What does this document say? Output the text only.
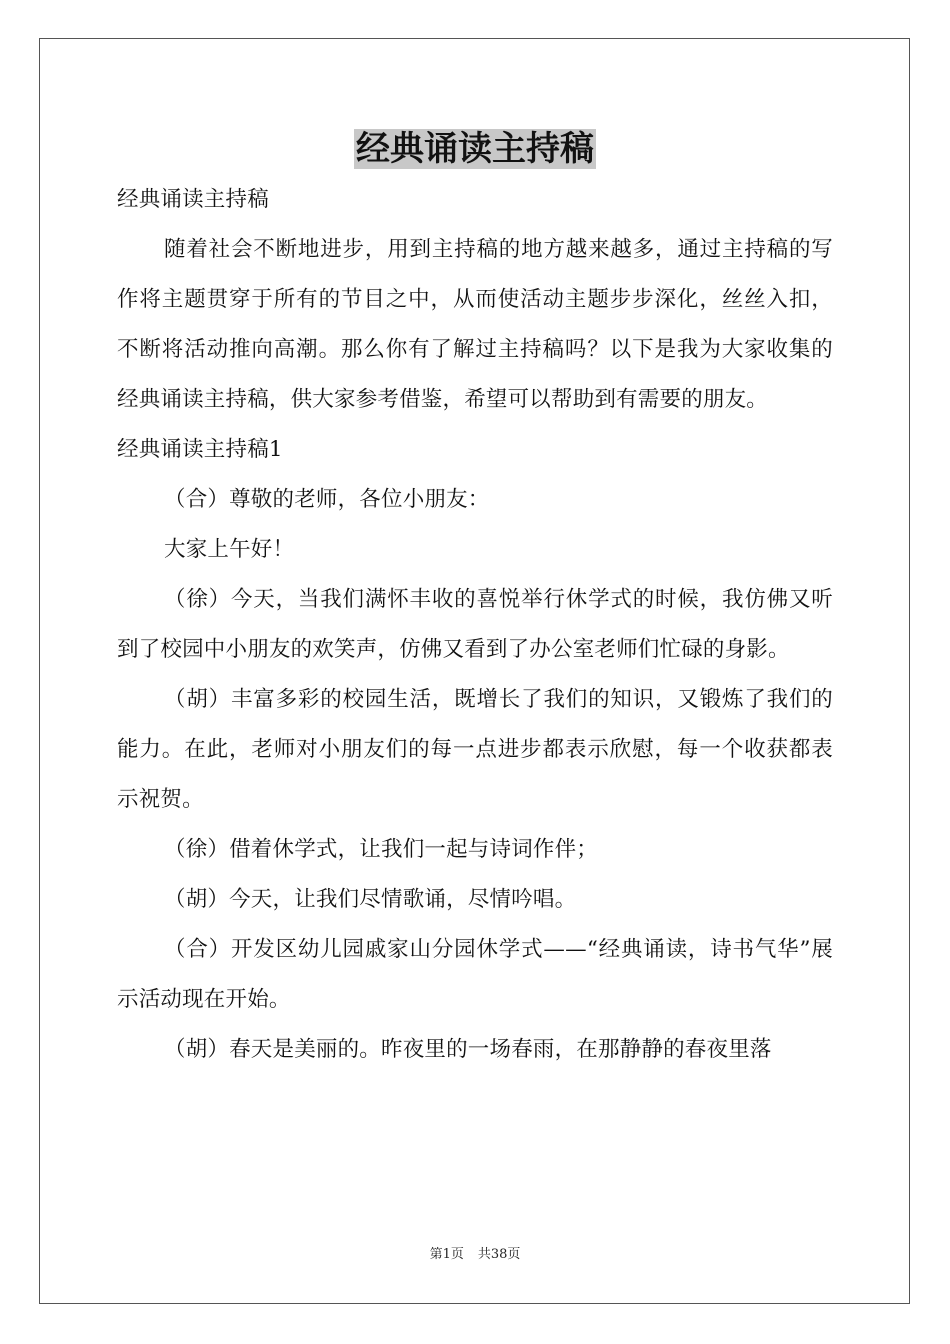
经典诵读主持稿

经典诵读主持稿

随着社会不断地进步，用到主持稿的地方越来越多，通过主持稿的写作将主题贯穿于所有的节目之中，从而使活动主题步步深化，丝丝入扣，不断将活动推向高潮。那么你有了解过主持稿吗？以下是我为大家收集的经典诵读主持稿，供大家参考借鉴，希望可以帮助到有需要的朋友。

经典诵读主持稿1

（合）尊敬的老师，各位小朋友：

大家上午好！

（徐）今天，当我们满怀丰收的喜悦举行休学式的时候，我仿佛又听到了校园中小朋友的欢笑声，仿佛又看到了办公室老师们忙碌的身影。

（胡）丰富多彩的校园生活，既增长了我们的知识，又锻炼了我们的能力。在此，老师对小朋友们的每一点进步都表示欣慰，每一个收获都表示祝贺。

（徐）借着休学式，让我们一起与诗词作伴；

（胡）今天，让我们尽情歌诵，尽情吟唱。

（合）开发区幼儿园戚家山分园休学式——“经典诵读，诗书气华”展示活动现在开始。

（胡）春天是美丽的。昨夜里的一场春雨，在那静静的春夜里落

第1页 共38页
